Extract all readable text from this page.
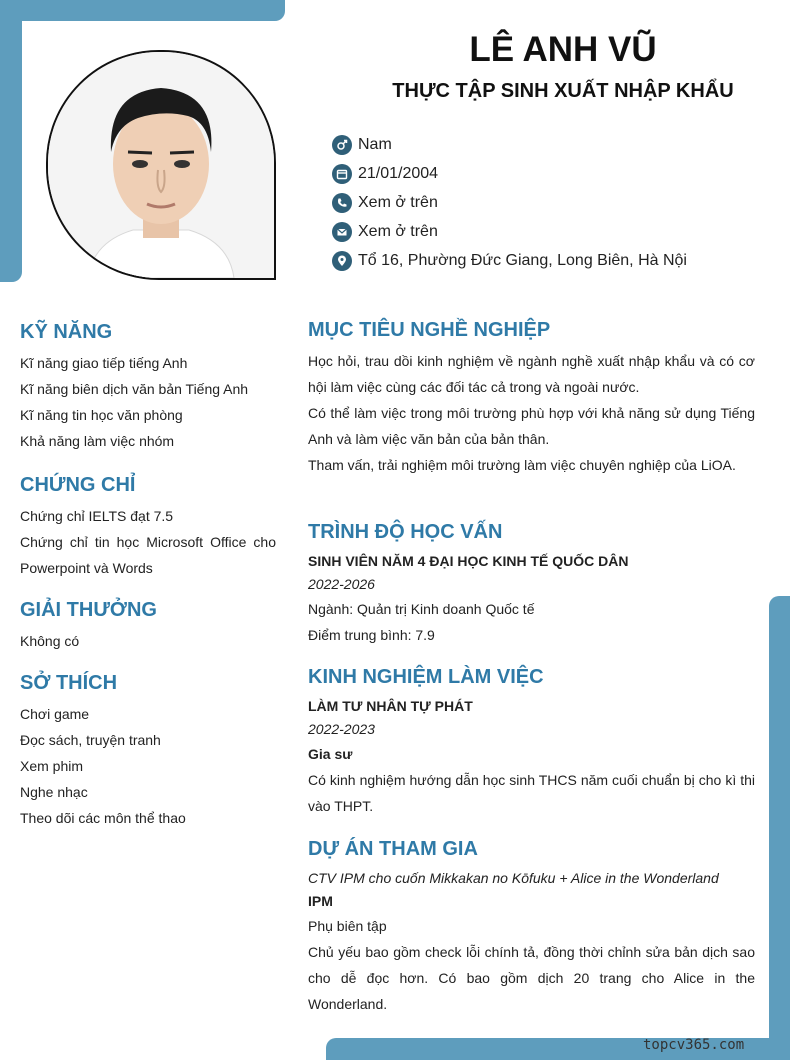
LÊ ANH VŨ
THỰC TẬP SINH XUẤT NHẬP KHẨU
Nam
21/01/2004
Xem ở trên
Xem ở trên
Tổ 16, Phường Đức Giang, Long Biên, Hà Nội
KỸ NĂNG
Kĩ năng giao tiếp tiếng Anh
Kĩ năng biên dịch văn bản Tiếng Anh
Kĩ năng tin học văn phòng
Khả năng làm việc nhóm
CHỨNG CHỈ
Chứng chỉ IELTS đạt 7.5
Chứng chỉ tin học Microsoft Office cho Powerpoint và Words
GIẢI THƯỞNG
Không có
SỞ THÍCH
Chơi game
Đọc sách, truyện tranh
Xem phim
Nghe nhạc
Theo dõi các môn thể thao
MỤC TIÊU NGHỀ NGHIỆP
Học hỏi, trau dồi kinh nghiệm về ngành nghề xuất nhập khẩu và có cơ hội làm việc cùng các đối tác cả trong và ngoài nước.
Có thể làm việc trong môi trường phù hợp với khả năng sử dụng Tiếng Anh và làm việc văn bản của bản thân.
Tham vấn, trải nghiệm môi trường làm việc chuyên nghiệp của LiOA.
TRÌNH ĐỘ HỌC VẤN
SINH VIÊN NĂM 4 ĐẠI HỌC KINH TẾ QUỐC DÂN
2022-2026
Ngành: Quản trị Kinh doanh Quốc tế
Điểm trung bình: 7.9
KINH NGHIỆM LÀM VIỆC
LÀM TƯ NHÂN TỰ PHÁT
2022-2023
Gia sư
Có kinh nghiệm hướng dẫn học sinh THCS năm cuối chuẩn bị cho kì thi vào THPT.
DỰ ÁN THAM GIA
CTV IPM cho cuốn Mikkakan no Kōfuku + Alice in the Wonderland
IPM
Phụ biên tập
Chủ yếu bao gồm check lỗi chính tả, đồng thời chỉnh sửa bản dịch sao cho dễ đọc hơn. Có bao gồm dịch 20 trang cho Alice in the Wonderland.
topcv365.com
